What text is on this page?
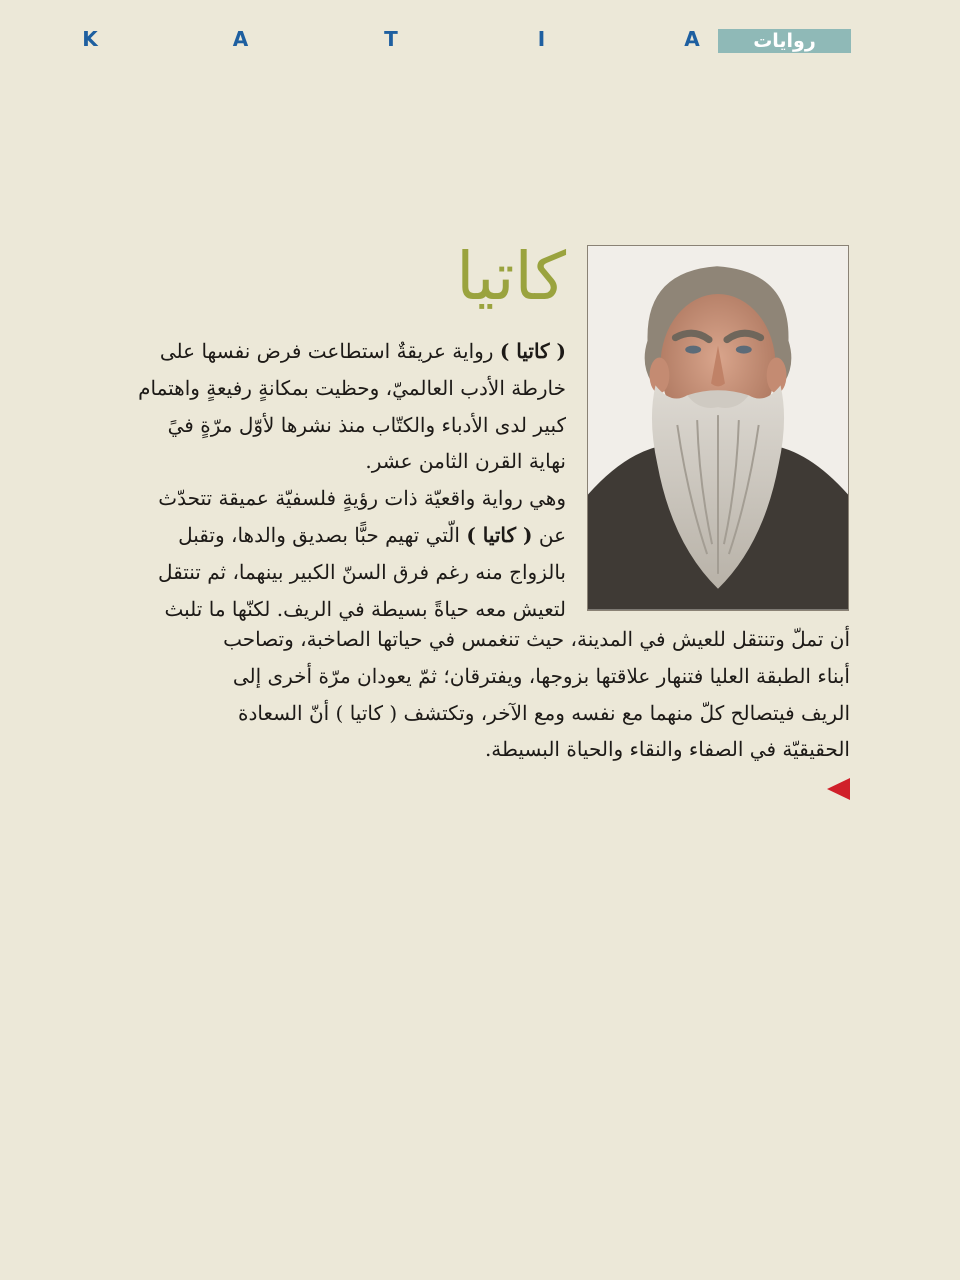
K	A	T	I	A	روايات
كاتيا
( كاتيا ) رواية عريقةٌ استطاعت فرض نفسها على
خارطة الأدب العالميّ، وحظيت بمكانةٍ رفيعةٍ واهتمام
كبير لدى الأدباء والكتّاب منذ نشرها لأوّل مرّةٍ فيً
نهاية القرن الثامن عشر.
وهي رواية واقعيّة ذات رؤيةٍ فلسفيّة عميقة تتحدّث
عن ( كاتيا ) الّتي تهيم حبًّا بصديق والدها، وتقبل
بالزواج منه رغم فرق السنّ الكبير بينهما، ثم تنتقل
لتعيش معه حياةً بسيطة في الريف. لكنّها ما تلبث
أن تملّ وتنتقل للعيش في المدينة، حيث تنغمس في حياتها الصاخبة، وتصاحب
أبناء الطبقة العليا فتنهار علاقتها بزوجها، ويفترقان؛ ثمّ يعودان مرّة أخرى إلى
الريف فيتصالح كلّ منهما مع نفسه ومع الآخر، وتكتشف ( كاتيا ) أنّ السعادة
الحقيقيّة في الصفاء والنقاء والحياة البسيطة.
